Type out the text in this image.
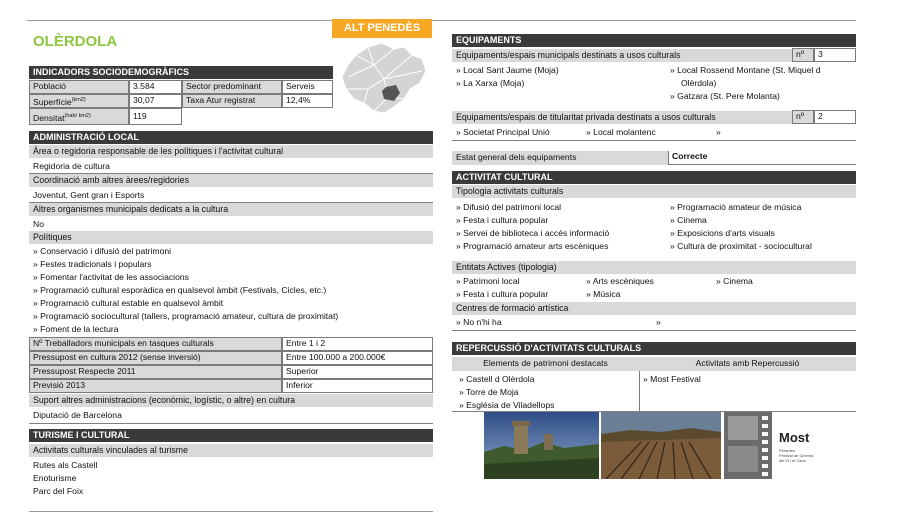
OLÈRDOLA
ALT PENEDÈS
INDICADORS SOCIODEMOGRÀFICS
Població	3.584	Sector predominant	Serveis
Superfície$^{(km2)}$	30,07	Taxa Atur registrat	12,4%
Densitat$^{(hab/ km2)}$	119
ADMINISTRACIÓ LOCAL
Àrea o regidoria responsable de les polítiques i l'activitat cultural
Regidoria de cultura
Coordinació amb altres àrees/regidories
Joventut, Gent gran i Esports
Altres organismes municipals dedicats a la cultura
No
Polítiques
» Conservació i difusió del patrimoni
» Festes tradicionals i populars
» Fomentar l'activitat de les associacions
» Programació cultural esporàdica en qualsevol àmbit (Festivals, Cicles, etc.)
» Programació cultural estable en qualsevol àmbit
» Programació sociocultural (tallers, programació amateur, cultura de proximitat)
» Foment de la lectura
Nº Treballadors municipals en tasques culturals	Entre 1 i 2
Pressupost en cultura 2012 (sense inversió)	Entre 100.000 a 200.000€
Pressupost Respecte 2011	Superior
Previsió 2013	Inferior
Suport altres administracions (econòmic, logístic, o altre) en cultura
Diputació de Barcelona
TURISME I CULTURAL
Activitats culturals vinculades al turisme
Rutes als Castell
Enoturisme
Parc del Foix
EQUIPAMENTS
Equipaments/espais municipals destinats a usos culturals	nº	3
» Local Sant Jaume (Moja)
» La Xarxa (Moja)
» Local Rossend Montane (St. Miquel d
Olèrdola)
» Gatzara (St. Pere Molanta)
Equipaments/espais de titularitat privada destinats a usos culturals	nº	2
» Societat Principal Unió
»	Local molantenc
»
Estat general dels equipaments	Correcte
ACTIVITAT CULTURAL
Tipologia activitats culturals
» Difusió del patrimoni local
» Festa i cultura popular
» Servei de biblioteca i accés informació
» Programació amateur arts escèniques
» Programació amateur de música
» Cinema
» Exposicions d'arts visuals
» Cultura de proximitat - sociocultural
Entitats Actives (tipologia)
» Patrimoni local
» Festa i cultura popular
» Arts escèniques
» Música
» Cinema
Centres de formació artística
» No n'hi ha
»
REPERCUSSIÓ D'ACTIVITATS CULTURALS
Elements de patrimoni destacats	Activitats amb Repercussió
» Castell d Olèrdola
» Torre de Moja
» Església de Viladellops
» Most Festival
Most
Penedès
Festival de Cinema
del Vi i el Cava
